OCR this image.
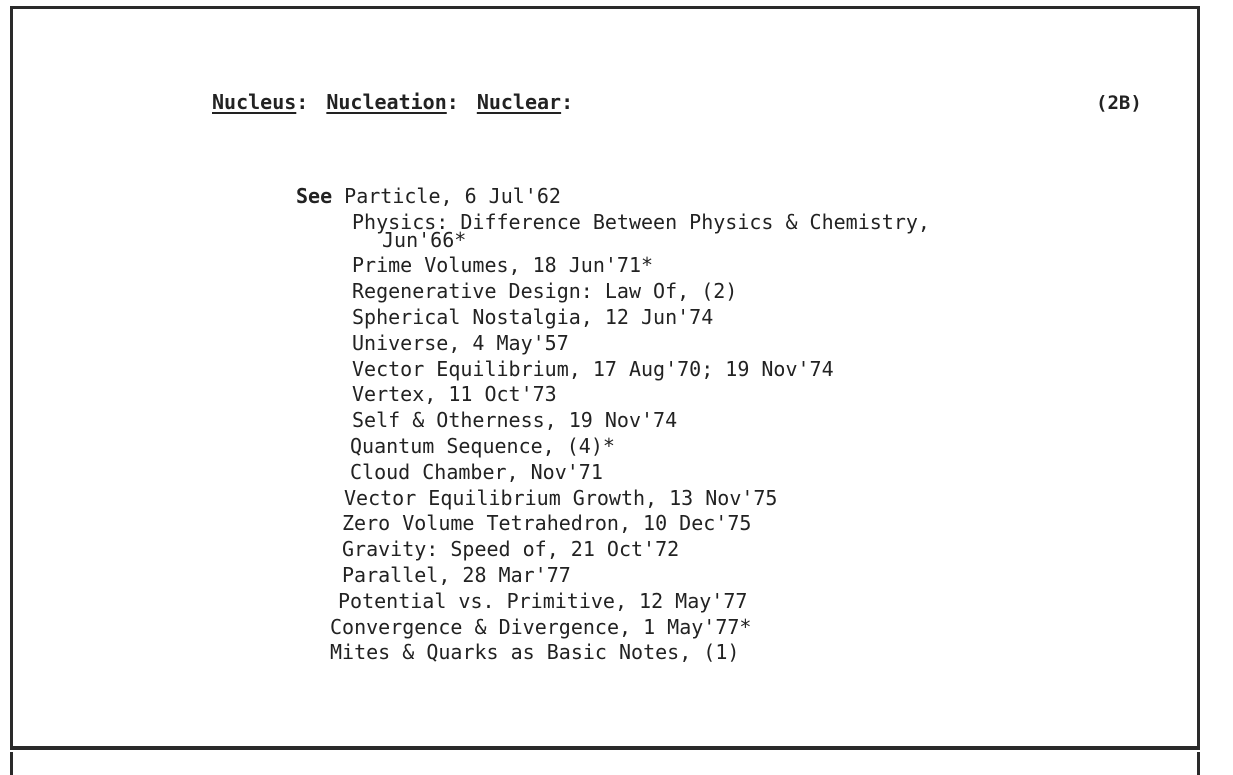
Nucleus: Nucleation: Nuclear:	(2B)
See Particle, 6 Jul'62
Physics: Difference Between Physics & Chemistry,
Jun'66*
Prime Volumes, 18 Jun'71*
Regenerative Design: Law Of, (2)
Spherical Nostalgia, 12 Jun'74
Universe, 4 May'57
Vector Equilibrium, 17 Aug'70; 19 Nov'74
Vertex, 11 Oct'73
Self & Otherness, 19 Nov'74
Quantum Sequence, (4)*
Cloud Chamber, Nov'71
Vector Equilibrium Growth, 13 Nov'75
Zero Volume Tetrahedron, 10 Dec'75
Gravity: Speed of, 21 Oct'72
Parallel, 28 Mar'77
Potential vs. Primitive, 12 May'77
Convergence & Divergence, 1 May'77*
Mites & Quarks as Basic Notes, (1)
